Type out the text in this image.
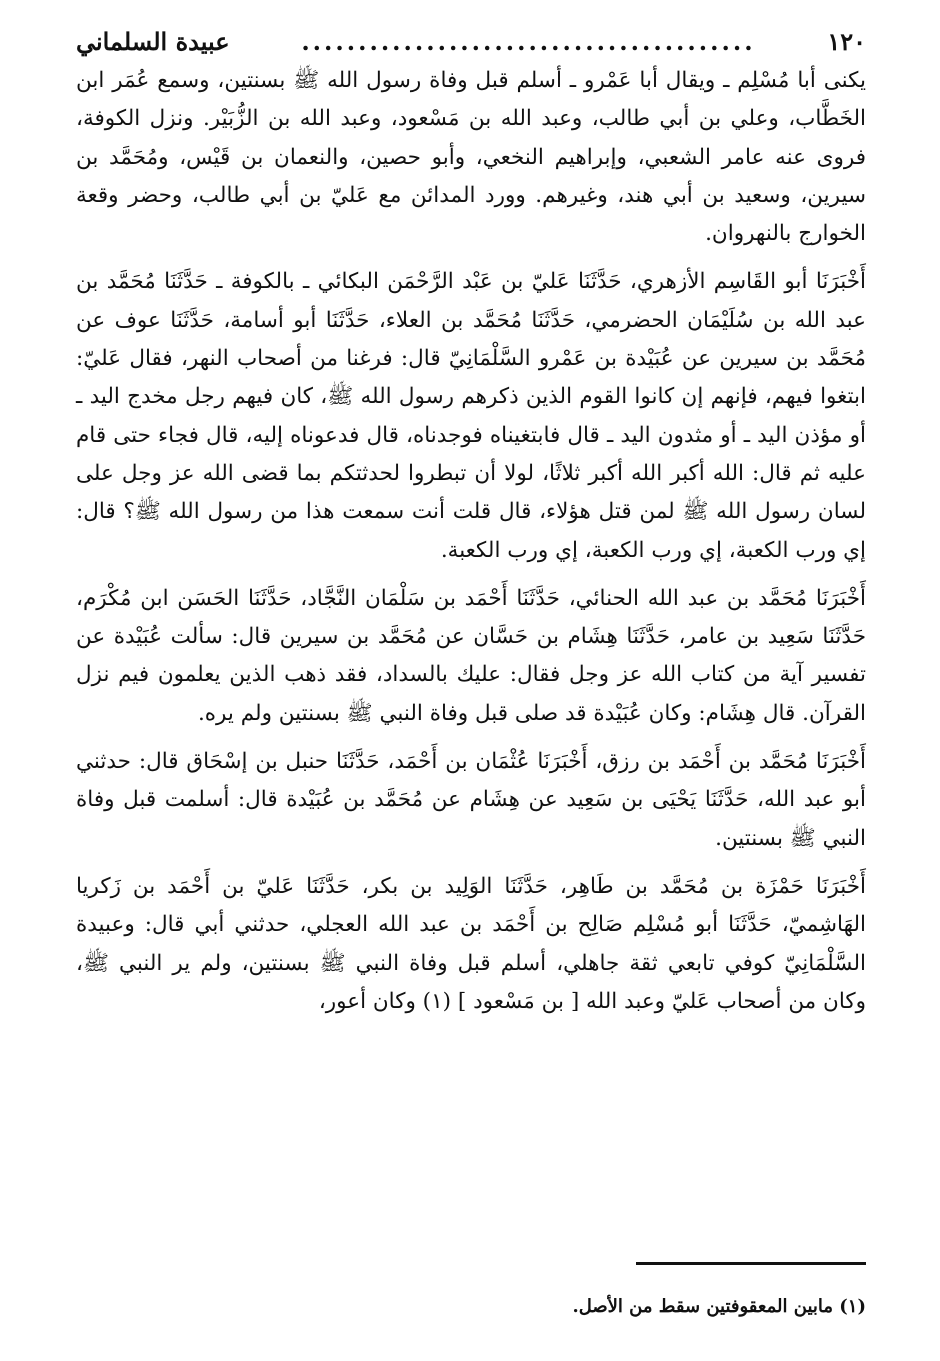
١٢٠
........................................
عبيدة السلماني

يكنى أبا مُسْلِم ـ ويقال أبا عَمْرو ـ أسلم قبل وفاة رسول الله ﷺ بسنتين، وسمع عُمَر ابن الخَطَّاب، وعلي بن أبي طالب، وعبد الله بن مَسْعود، وعبد الله بن الزُّبَيْر. ونزل الكوفة، فروى عنه عامر الشعبي، وإبراهيم النخعي، وأبو حصين، والنعمان بن قَيْس، ومُحَمَّد بن سيرين، وسعيد بن أبي هند، وغيرهم. وورد المدائن مع عَليّ بن أبي طالب، وحضر وقعة الخوارج بالنهروان.

أَخْبَرَنَا أبو القَاسِم الأزهري، حَدَّثَنَا عَليّ بن عَبْد الرَّحْمَن البكائي ـ بالكوفة ـ حَدَّثَنَا مُحَمَّد بن عبد الله بن سُلَيْمَان الحضرمي، حَدَّثَنَا مُحَمَّد بن العلاء، حَدَّثَنَا أبو أسامة، حَدَّثَنَا عوف عن مُحَمَّد بن سيرين عن عُبَيْدة بن عَمْرو السَّلْمَانِيّ قال: فرغنا من أصحاب النهر، فقال عَليّ: ابتغوا فيهم، فإنهم إن كانوا القوم الذين ذكرهم رسول الله ﷺ، كان فيهم رجل مخدج اليد ـ أو مؤذن اليد ـ أو مثدون اليد ـ قال فابتغيناه فوجدناه، قال فدعوناه إليه، قال فجاء حتى قام عليه ثم قال: الله أكبر الله أكبر ثلاثًا، لولا أن تبطروا لحدثتكم بما قضى الله عز وجل على لسان رسول الله ﷺ لمن قتل هؤلاء، قال قلت أنت سمعت هذا من رسول الله ﷺ؟ قال: إي ورب الكعبة، إي ورب الكعبة، إي ورب الكعبة.

أَخْبَرَنَا مُحَمَّد بن عبد الله الحنائي، حَدَّثَنَا أَحْمَد بن سَلْمَان النَّجَّاد، حَدَّثَنَا الحَسَن ابن مُكْرَم، حَدَّثَنَا سَعِيد بن عامر، حَدَّثَنَا هِشَام بن حَسَّان عن مُحَمَّد بن سيرين قال: سألت عُبَيْدة عن تفسير آية من كتاب الله عز وجل فقال: عليك بالسداد، فقد ذهب الذين يعلمون فيم نزل القرآن. قال هِشَام: وكان عُبَيْدة قد صلى قبل وفاة النبي ﷺ بسنتين ولم يره.

أَخْبَرَنَا مُحَمَّد بن أَحْمَد بن رزق، أَخْبَرَنَا عُثْمَان بن أَحْمَد، حَدَّثَنَا حنبل بن إسْحَاق قال: حدثني أبو عبد الله، حَدَّثَنَا يَحْيَى بن سَعِيد عن هِشَام عن مُحَمَّد بن عُبَيْدة قال: أسلمت قبل وفاة النبي ﷺ بسنتين.

أَخْبَرَنَا حَمْزَة بن مُحَمَّد بن طَاهِر، حَدَّثَنَا الوَلِيد بن بكر، حَدَّثَنَا عَليّ بن أَحْمَد بن زَكريا الهَاشِميّ، حَدَّثَنَا أبو مُسْلِم صَالِح بن أَحْمَد بن عبد الله العجلي، حدثني أبي قال: وعبيدة السَّلْمَانِيّ كوفي تابعي ثقة جاهلي، أسلم قبل وفاة النبي ﷺ بسنتين، ولم ير النبي ﷺ، وكان من أصحاب عَليّ وعبد الله [ بن مَسْعود ] (١) وكان أعور،

(١) مابين المعقوفتين سقط من الأصل.
